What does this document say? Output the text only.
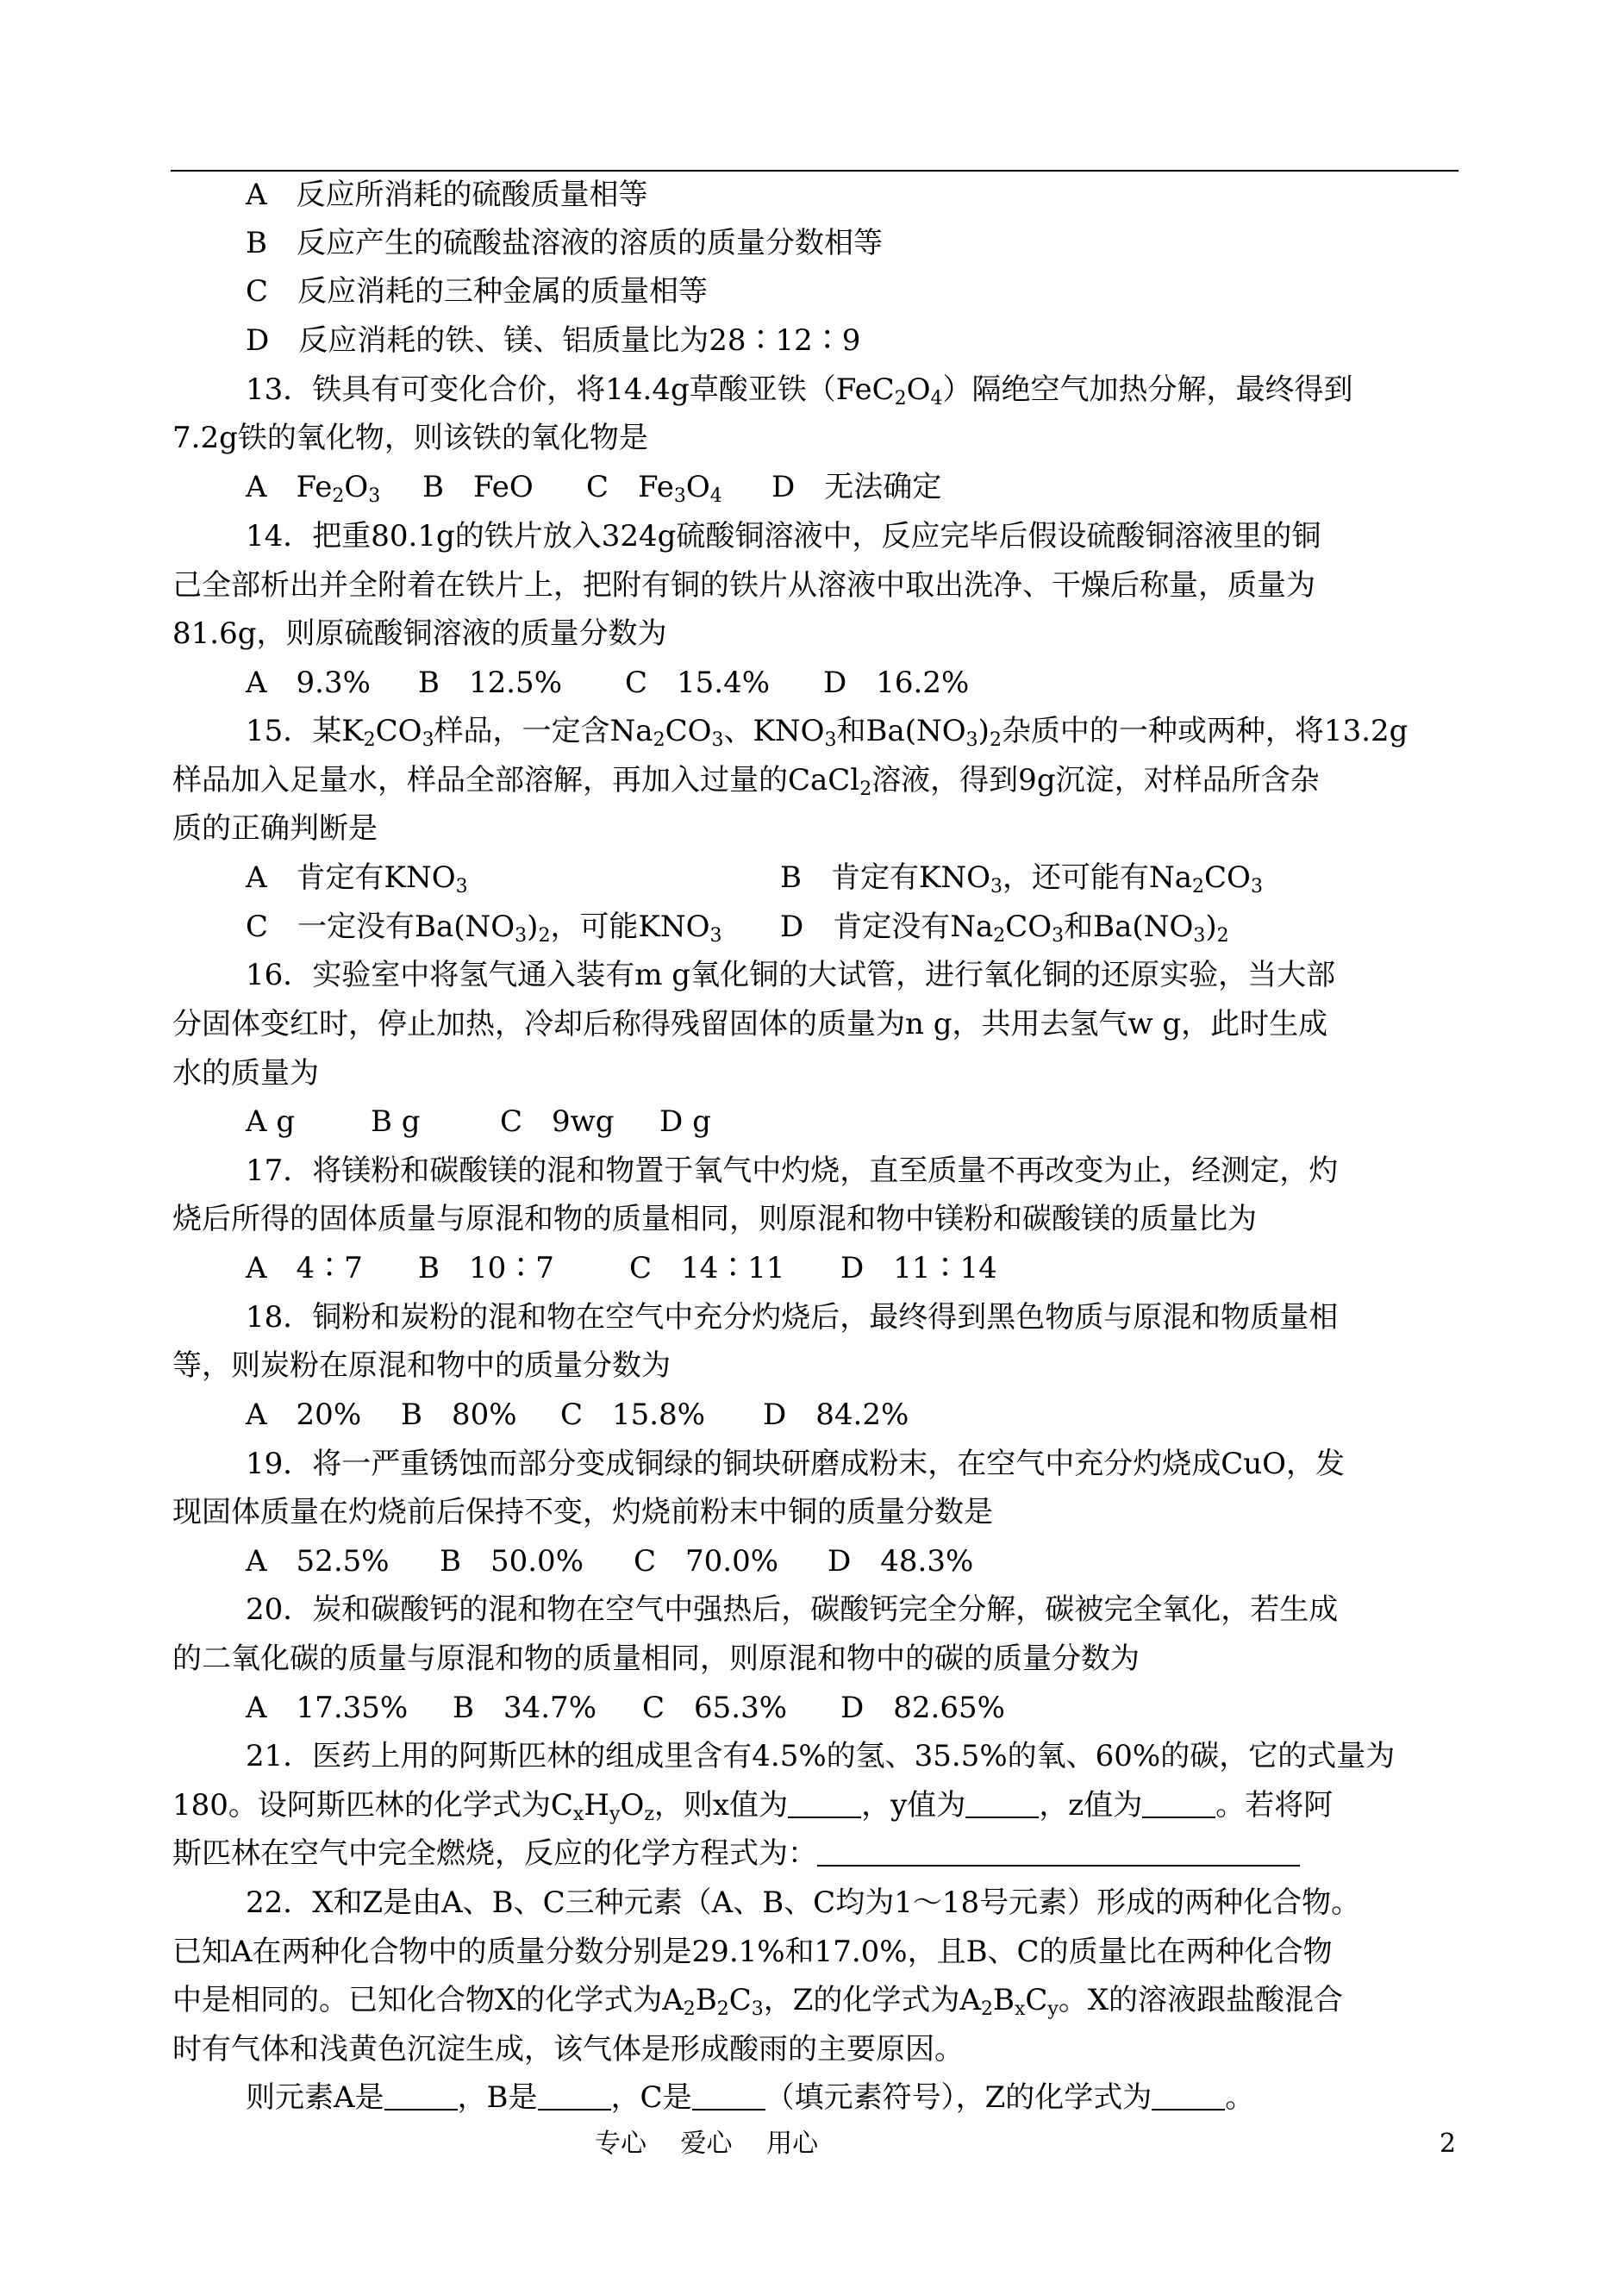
A　反应所消耗的硫酸质量相等
B　反应产生的硫酸盐溶液的溶质的质量分数相等
C　反应消耗的三种金属的质量相等
D　反应消耗的铁、镁、铝质量比为28∶12∶9
13．铁具有可变化合价，将14.4g草酸亚铁$(FeC_2O_4)$隔绝空气加热分解，最终得到
7.2g铁的氧化物，则该铁的氧化物是
A　$Fe_2O_3$ B　FeO C　$Fe_3O_4$ D　无法确定
14．把重80.1g的铁片放入324g硫酸铜溶液中，反应完毕后假设硫酸铜溶液里的铜
己全部析出并全附着在铁片上，把附有铜的铁片从溶液中取出洗净、干燥后称量，质量为
81.6g，则原硫酸铜溶液的质量分数为
A　9.3% B　12.5% C　15.4% D　16.2%
15．某$K_2CO_3$样品，一定含$Na_2CO_3$、$KNO_3$和$Ba(NO_3)_2$杂质中的一种或两种，将13.2g
样品加入足量水，样品全部溶解，再加入过量的CaCl$_2$溶液，得到9g沉淀，对样品所含杂
质的正确判断是
A　肯定有$KNO_3$	B　肯定有$KNO_3$，还可能有$Na_2CO_3$
C　一定没有$Ba(NO_3)_2$，可能$KNO_3$ D　肯定没有$Na_2CO_3$和$Ba(NO_3)_2$
16．实验室中将氢气通入装有m g氧化铜的大试管，进行氧化铜的还原实验，当大部
分固体变红时，停止加热，冷却后称得残留固体的质量为n g，共用去氢气w g，此时生成
水的质量为
A g	B g	C　9wg D g
17．将镁粉和碳酸镁的混和物置于氧气中灼烧，直至质量不再改变为止，经测定，灼
烧后所得的固体质量与原混和物的质量相同，则原混和物中镁粉和碳酸镁的质量比为
A　4∶7 B　10∶7	C　14∶11 D　11∶14
18．铜粉和炭粉的混和物在空气中充分灼烧后，最终得到黑色物质与原混和物质量相
等，则炭粉在原混和物中的质量分数为
A　20% B　80% C　15.8% D　84.2%
19．将一严重锈蚀而部分变成铜绿的铜块研磨成粉末，在空气中充分灼烧成CuO，发
现固体质量在灼烧前后保持不变，灼烧前粉末中铜的质量分数是
A　52.5% B　50.0% C　70.0% D　48.3%
20．炭和碳酸钙的混和物在空气中强热后，碳酸钙完全分解，碳被完全氧化，若生成
的二氧化碳的质量与原混和物的质量相同，则原混和物中的碳的质量分数为
A　17.35% B　34.7% C　65.3% D　82.65%
21．医药上用的阿斯匹林的组成里含有4.5%的氢、35.5%的氧、60%的碳，它的式量为
180。设阿斯匹林的化学式为$C_xH_yO_z$，则x值为	，y值为	，z值为	。若将阿
斯匹林在空气中完全燃烧，反应的化学方程式为：
22．X和Z是由A、B、C三种元素（A、B、C均为1～18号元素）形成的两种化合物。
已知A在两种化合物中的质量分数分别是29.1%和17.0%，且B、C的质量比在两种化合物
中是相同的。已知化合物X的化学式为$A_2B_2C_3$，Z的化学式为$A_2B_xC_y$。X的溶液跟盐酸混合
时有气体和浅黄色沉淀生成，该气体是形成酸雨的主要原因。
则元素A是	，B是	，C是	（填元素符号），Z的化学式为	。
专心　 爱心　 用心	2
